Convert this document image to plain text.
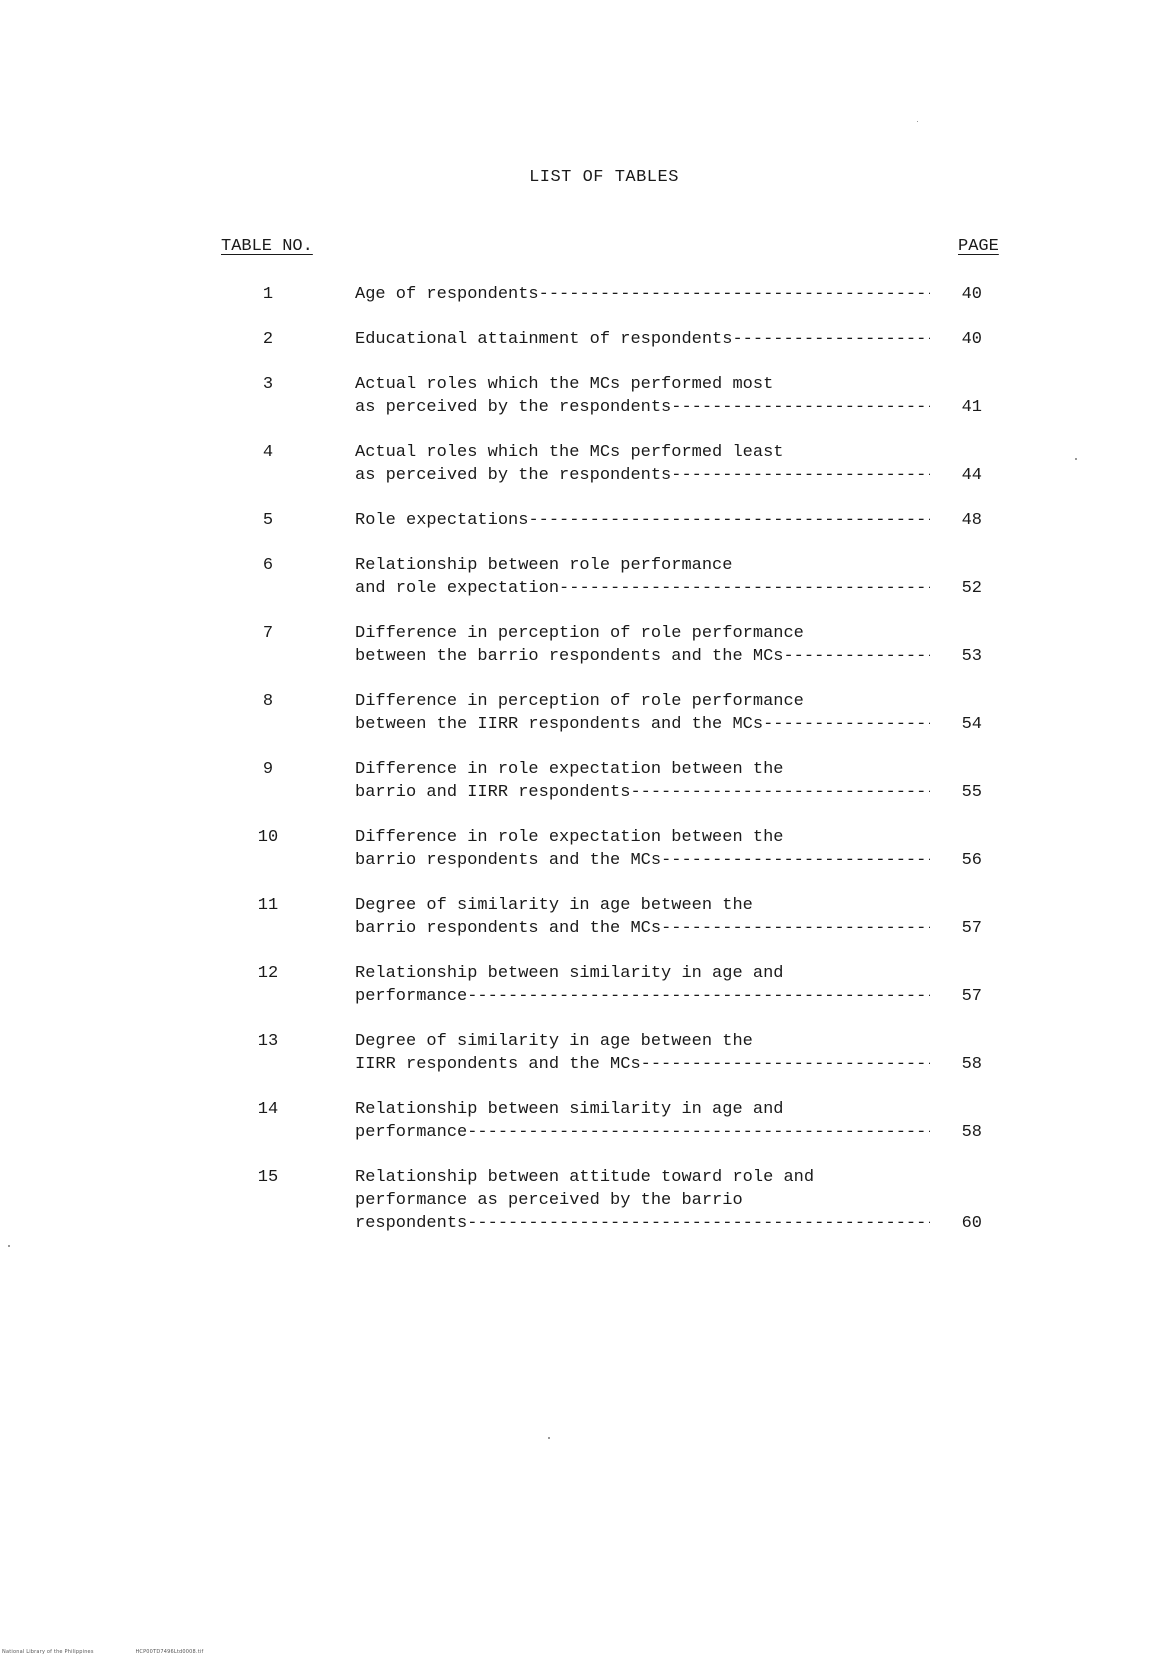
LIST OF TABLES
TABLE NO.	PAGE
1	Age of respondents -----	40
2	Educational attainment of respondents -----	40
3	Actual roles which the MCs performed most
as perceived by the respondents -----	41
4	Actual roles which the MCs performed least
as perceived by the respondents -----	44
5	Role expectations -----	48
6	Relationship between role performance
and role expectation -----	52
7	Difference in perception of role performance
between the barrio respondents and the MCs -----	53
8	Difference in perception of role performance
between the IIRR respondents and the MCs -----	54
9	Difference in role expectation between the
barrio and IIRR respondents -----	55
10	Difference in role expectation between the
barrio respondents and the MCs -----	56
11	Degree of similarity in age between the
barrio respondents and the MCs -----	57
12	Relationship between similarity in age and
performance -----	57
13	Degree of similarity in age between the
IIRR respondents and the MCs -----	58
14	Relationship between similarity in age and
performance -----	58
15	Relationship between attitude toward role and
performance as perceived by the barrio
respondents -----	60
National Library of the Philippines	HCP00TD7496Ltd0008.tif
